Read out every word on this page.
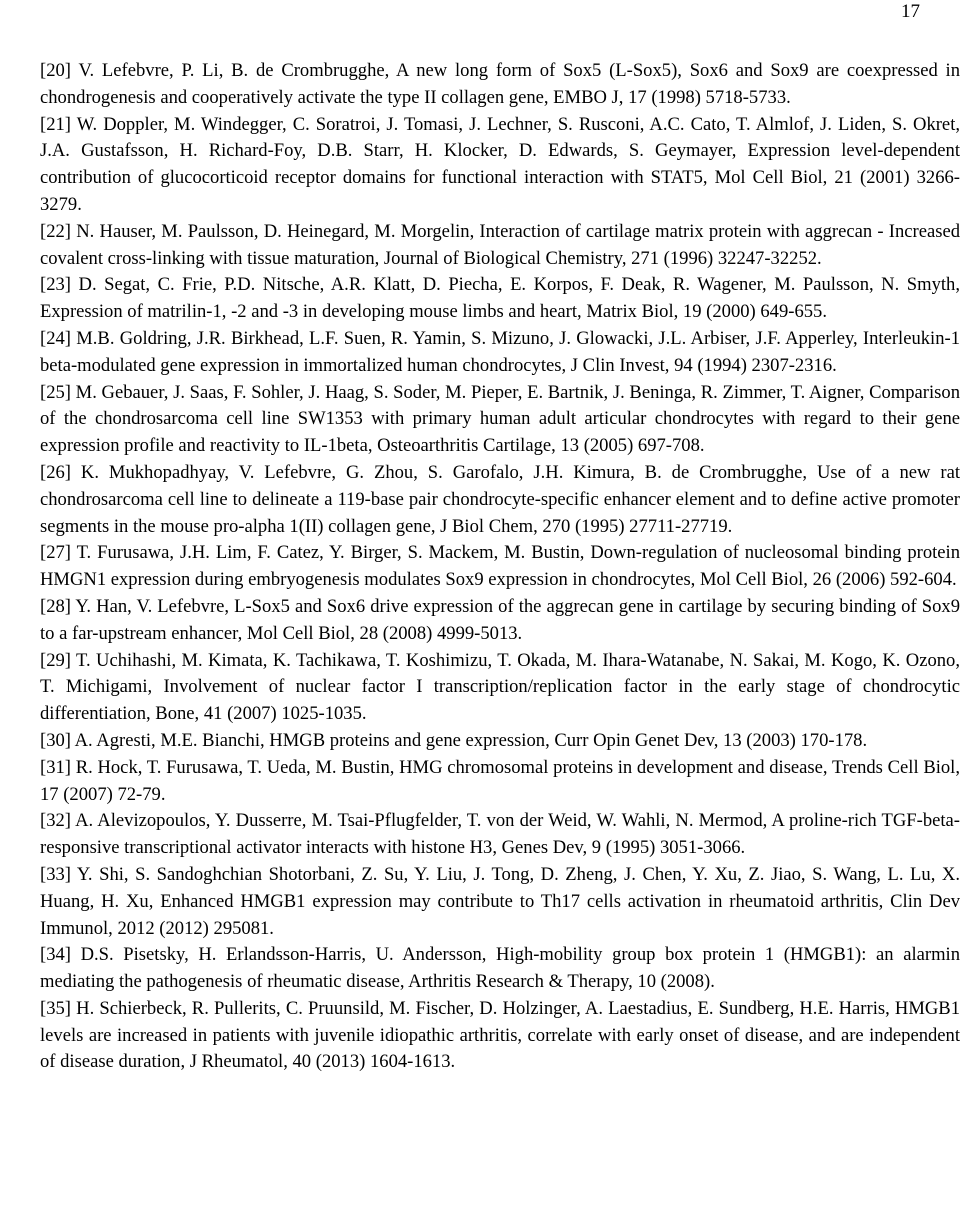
17

[20] V. Lefebvre, P. Li, B. de Crombrugghe, A new long form of Sox5 (L-Sox5), Sox6 and Sox9 are coexpressed in chondrogenesis and cooperatively activate the type II collagen gene, EMBO J, 17 (1998) 5718-5733.

[21] W. Doppler, M. Windegger, C. Soratroi, J. Tomasi, J. Lechner, S. Rusconi, A.C. Cato, T. Almlof, J. Liden, S. Okret, J.A. Gustafsson, H. Richard-Foy, D.B. Starr, H. Klocker, D. Edwards, S. Geymayer, Expression level-dependent contribution of glucocorticoid receptor domains for functional interaction with STAT5, Mol Cell Biol, 21 (2001) 3266-3279.

[22] N. Hauser, M. Paulsson, D. Heinegard, M. Morgelin, Interaction of cartilage matrix protein with aggrecan - Increased covalent cross-linking with tissue maturation, Journal of Biological Chemistry, 271 (1996) 32247-32252.

[23] D. Segat, C. Frie, P.D. Nitsche, A.R. Klatt, D. Piecha, E. Korpos, F. Deak, R. Wagener, M. Paulsson, N. Smyth, Expression of matrilin-1, -2 and -3 in developing mouse limbs and heart, Matrix Biol, 19 (2000) 649-655.

[24] M.B. Goldring, J.R. Birkhead, L.F. Suen, R. Yamin, S. Mizuno, J. Glowacki, J.L. Arbiser, J.F. Apperley, Interleukin-1 beta-modulated gene expression in immortalized human chondrocytes, J Clin Invest, 94 (1994) 2307-2316.

[25] M. Gebauer, J. Saas, F. Sohler, J. Haag, S. Soder, M. Pieper, E. Bartnik, J. Beninga, R. Zimmer, T. Aigner, Comparison of the chondrosarcoma cell line SW1353 with primary human adult articular chondrocytes with regard to their gene expression profile and reactivity to IL-1beta, Osteoarthritis Cartilage, 13 (2005) 697-708.

[26] K. Mukhopadhyay, V. Lefebvre, G. Zhou, S. Garofalo, J.H. Kimura, B. de Crombrugghe, Use of a new rat chondrosarcoma cell line to delineate a 119-base pair chondrocyte-specific enhancer element and to define active promoter segments in the mouse pro-alpha 1(II) collagen gene, J Biol Chem, 270 (1995) 27711-27719.

[27] T. Furusawa, J.H. Lim, F. Catez, Y. Birger, S. Mackem, M. Bustin, Down-regulation of nucleosomal binding protein HMGN1 expression during embryogenesis modulates Sox9 expression in chondrocytes, Mol Cell Biol, 26 (2006) 592-604.

[28] Y. Han, V. Lefebvre, L-Sox5 and Sox6 drive expression of the aggrecan gene in cartilage by securing binding of Sox9 to a far-upstream enhancer, Mol Cell Biol, 28 (2008) 4999-5013.

[29] T. Uchihashi, M. Kimata, K. Tachikawa, T. Koshimizu, T. Okada, M. Ihara-Watanabe, N. Sakai, M. Kogo, K. Ozono, T. Michigami, Involvement of nuclear factor I transcription/replication factor in the early stage of chondrocytic differentiation, Bone, 41 (2007) 1025-1035.

[30] A. Agresti, M.E. Bianchi, HMGB proteins and gene expression, Curr Opin Genet Dev, 13 (2003) 170-178.

[31] R. Hock, T. Furusawa, T. Ueda, M. Bustin, HMG chromosomal proteins in development and disease, Trends Cell Biol, 17 (2007) 72-79.

[32] A. Alevizopoulos, Y. Dusserre, M. Tsai-Pflugfelder, T. von der Weid, W. Wahli, N. Mermod, A proline-rich TGF-beta-responsive transcriptional activator interacts with histone H3, Genes Dev, 9 (1995) 3051-3066.

[33] Y. Shi, S. Sandoghchian Shotorbani, Z. Su, Y. Liu, J. Tong, D. Zheng, J. Chen, Y. Xu, Z. Jiao, S. Wang, L. Lu, X. Huang, H. Xu, Enhanced HMGB1 expression may contribute to Th17 cells activation in rheumatoid arthritis, Clin Dev Immunol, 2012 (2012) 295081.

[34] D.S. Pisetsky, H. Erlandsson-Harris, U. Andersson, High-mobility group box protein 1 (HMGB1): an alarmin mediating the pathogenesis of rheumatic disease, Arthritis Research & Therapy, 10 (2008).

[35] H. Schierbeck, R. Pullerits, C. Pruunsild, M. Fischer, D. Holzinger, A. Laestadius, E. Sundberg, H.E. Harris, HMGB1 levels are increased in patients with juvenile idiopathic arthritis, correlate with early onset of disease, and are independent of disease duration, J Rheumatol, 40 (2013) 1604-1613.
